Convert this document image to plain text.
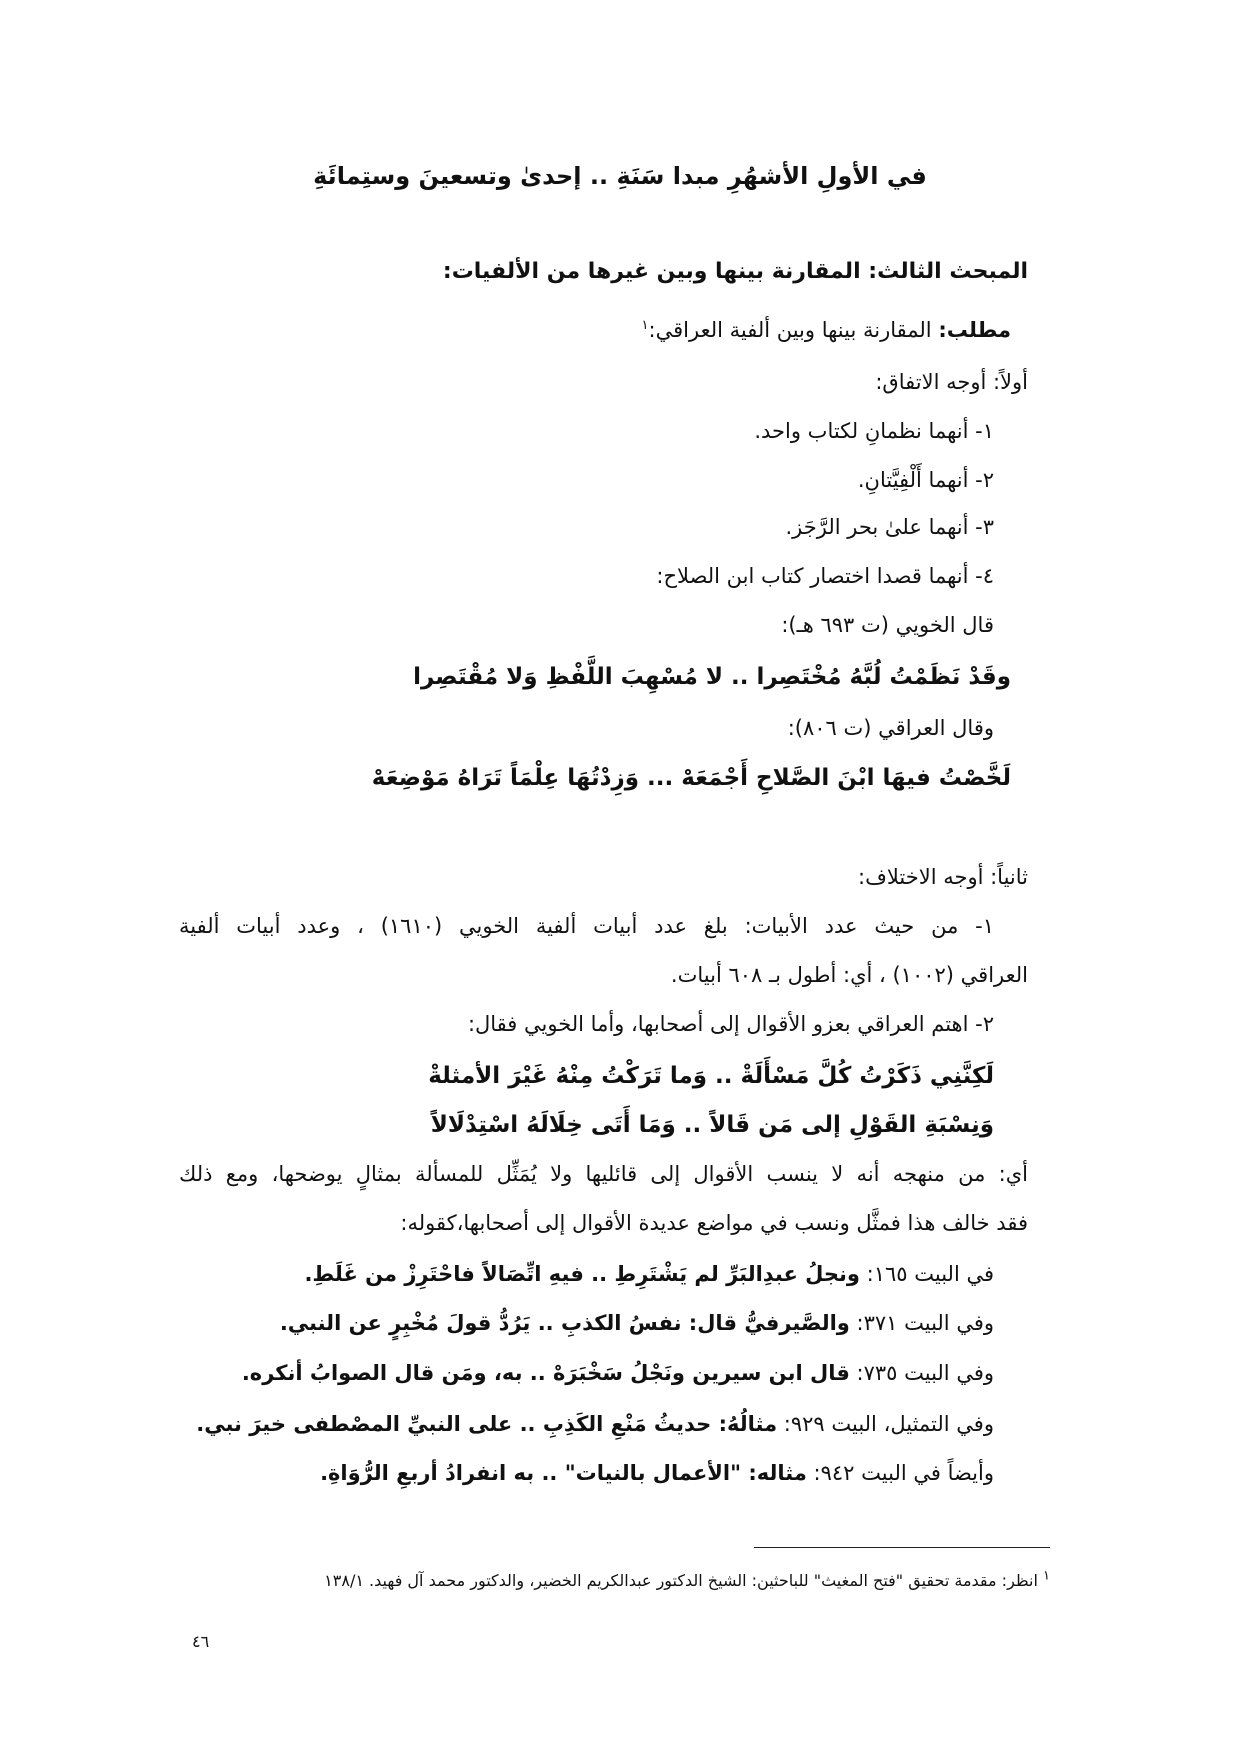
في الأولِ الأشهُرِ مبدا سَنَةِ .. إحدىٰ وتسعينَ وستِمائَةِ
المبحث الثالث: المقارنة بينها وبين غيرها من الألفيات:
مطلب: المقارنة بينها وبين ألفية العراقي:$^١$
أولاً: أوجه الاتفاق:
١- أنهما نظمانِ لكتاب واحد.
٢- أنهما أَلْفِيَّتانِ.
٣- أنهما علىٰ بحر الرَّجَز.
٤- أنهما قصدا اختصار كتاب ابن الصلاح:
قال الخويي (ت ٦٩٣ هـ):
وقَدْ نَظَمْتُ لُبَّهُ مُخْتَصِرا .. لا مُسْهِبَ اللَّفْظِ وَلا مُقْتَصِرا
وقال العراقي (ت ٨٠٦):
لَخَّصْتُ فيهَا ابْنَ الصَّلاحِ أَجْمَعَهْ ... وَزِدْتُهَا عِلْمَاً تَرَاهُ مَوْضِعَهْ
ثانياً: أوجه الاختلاف:
١- من حيث عدد الأبيات: بلغ عدد أبيات ألفية الخويي (١٦١٠) ، وعدد أبيات ألفية
العراقي (١٠٠٢) ، أي: أطول بـ ٦٠٨ أبيات.
٢- اهتم العراقي بعزو الأقوال إلى أصحابها، وأما الخويي فقال:
لَكِنَّنِي ذَكَرْتُ كُلَّ مَسْأَلَةْ .. وَما تَرَكْتُ مِنْهُ غَيْرَ الأمثلةْ
وَنِسْبَةِ القَوْلِ إلى مَن قَالاً .. وَمَا أَتَى خِلَالَهُ اسْتِدْلَالاً
أي: من منهجه أنه لا ينسب الأقوال إلى قائليها ولا يُمَثِّل للمسألة بمثالٍ يوضحها، ومع ذلك
فقد خالف هذا فمثَّل ونسب في مواضع عديدة الأقوال إلى أصحابها،كقوله:
في البيت ١٦٥: ونجلُ عبدِالبَرِّ لم يَشْتَرِطِ .. فيهِ اتِّصَالاً فاحْتَرِزْ من غَلَطِ.
وفي البيت ٣٧١: والصَّيرفيُّ قال: نفسُ الكذبِ .. يَرُدُّ قولَ مُخْبِرٍ عن النبي.
وفي البيت ٧٣٥: قال ابن سيرين ونَجْلُ سَخْبَرَهْ .. به، ومَن قال الصوابُ أنكره.
وفي التمثيل، البيت ٩٢٩: مثالُهُ: حديثُ مَنْعِ الكَذِبِ .. على النبيِّ المصْطفى خيرَ نبي.
وأيضاً في البيت ٩٤٢: مثاله: "الأعمال بالنيات" .. به انفرادُ أربعِ الرُّوَاةِ.
$^١$ انظر: مقدمة تحقيق "فتح المغيث" للباحثين: الشيخ الدكتور عبدالكريم الخضير، والدكتور محمد آل فهيد. ١٣٨/١
٤٦
